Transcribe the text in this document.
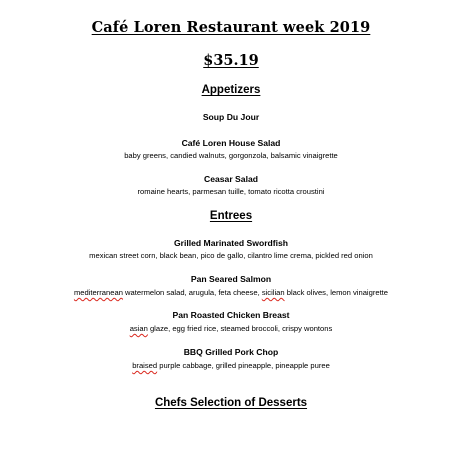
Café Loren Restaurant week 2019
$35.19
Appetizers
Soup Du Jour
Café Loren House Salad
baby greens, candied walnuts, gorgonzola, balsamic vinaigrette
Ceasar Salad
romaine hearts, parmesan tuille, tomato ricotta croustini
Entrees
Grilled Marinated Swordfish
mexican street corn, black bean, pico de gallo, cilantro lime crema, pickled red onion
Pan Seared Salmon
mediterranean watermelon salad, arugula, feta cheese, sicilian black olives, lemon vinaigrette
Pan Roasted Chicken Breast
asian glaze, egg fried rice, steamed broccoli, crispy wontons
BBQ Grilled Pork Chop
braised purple cabbage, grilled pineapple, pineapple puree
Chefs Selection of Desserts
